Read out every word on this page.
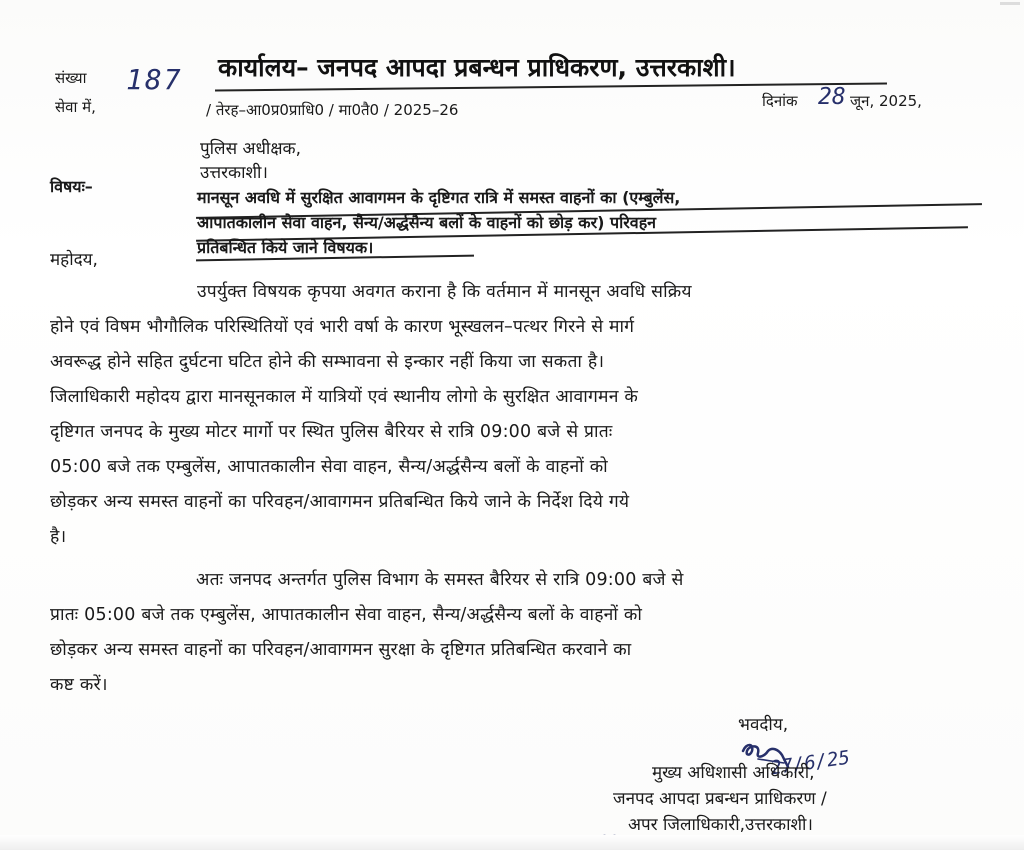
संख्या 187 कार्यालय– जनपद आपदा प्रबन्धन प्राधिकरण, उत्तरकाशी।
सेवा में,	/ तेरह–आ0प्र0प्राधि0 / मा0तै0 / 2025–26	दिनांक 28 जून, 2025,
पुलिस अधीक्षक,
उत्तरकाशी।
विषयः–
मानसून अवधि में सुरक्षित आवागमन के दृष्टिगत रात्रि में समस्त वाहनों का (एम्बुलेंस,
आपातकालीन सेवा वाहन, सैन्य/अर्द्धसैन्य बलों के वाहनों को छोड़ कर) परिवहन
प्रतिबन्धित किये जाने विषयक।
महोदय,
उपर्युक्त विषयक कृपया अवगत कराना है कि वर्तमान में मानसून अवधि सक्रिय
होने एवं विषम भौगौलिक परिस्थितियों एवं भारी वर्षा के कारण भूस्खलन–पत्थर गिरने से मार्ग
अवरूद्ध होने सहित दुर्घटना घटित होने की सम्भावना से इन्कार नहीं किया जा सकता है।
जिलाधिकारी महोदय द्वारा मानसूनकाल में यात्रियों एवं स्थानीय लोगो के सुरक्षित आवागमन के
दृष्टिगत जनपद के मुख्य मोटर मार्गो पर स्थित पुलिस बैरियर से रात्रि 09:00 बजे से प्रातः
05:00 बजे तक एम्बुलेंस, आपातकालीन सेवा वाहन, सैन्य/अर्द्धसैन्य बलों के वाहनों को
छोड़कर अन्य समस्त वाहनों का परिवहन/आवागमन प्रतिबन्धित किये जाने के निर्देश दिये गये
है।
अतः जनपद अन्तर्गत पुलिस विभाग के समस्त बैरियर से रात्रि 09:00 बजे से
प्रातः 05:00 बजे तक एम्बुलेंस, आपातकालीन सेवा वाहन, सैन्य/अर्द्धसैन्य बलों के वाहनों को
छोड़कर अन्य समस्त वाहनों का परिवहन/आवागमन सुरक्षा के दृष्टिगत प्रतिबन्धित करवाने का
कष्ट करें।
भवदीय,
27/6/25
मुख्य अधिशासी अधिकारी,
जनपद आपदा प्रबन्धन प्राधिकरण /
अपर जिलाधिकारी,उत्तरकाशी।
